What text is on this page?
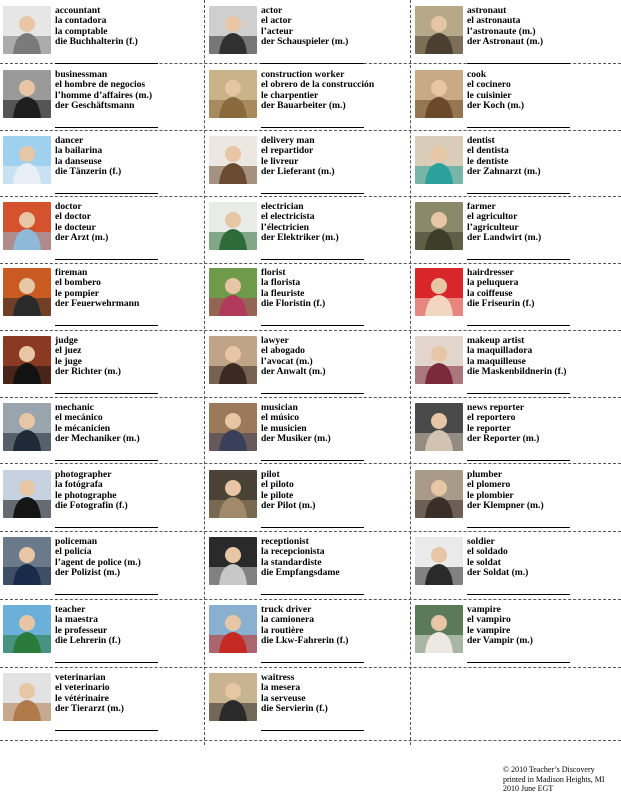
© 2010 Teacher’s Discovery
printed in Madison Heights, MI
2010 June EGT
accountant
la contadora
la comptable
die Buchhalterin (f.)
actor
el actor
l’acteur
der Schauspieler (m.)
astronaut
el astronauta
l’astronaute (m.)
der Astronaut (m.)
businessman
el hombre de negocios
l’homme d’affaires (m.)
der Geschäftsmann
construction worker
el obrero de la construcción
le charpentier
der Bauarbeiter (m.)
cook
el cocinero
le cuisinier
der Koch (m.)
dancer
la bailarina
la danseuse
die Tänzerin (f.)
delivery man
el repartidor
le livreur
der Lieferant (m.)
dentist
el dentista
le dentiste
der Zahnarzt (m.)
doctor
el doctor
le docteur
der Arzt (m.)
electrician
el electricista
l’électricien
der Elektriker (m.)
farmer
el agricultor
l’agriculteur
der Landwirt (m.)
fireman
el bombero
le pompier
der Feuerwehrmann
florist
la florista
la fleuriste
die Floristin (f.)
hairdresser
la peluquera
la coiffeuse
die Friseurin (f.)
judge
el juez
le juge
der Richter (m.)
lawyer
el abogado
l’avocat (m.)
der Anwalt (m.)
makeup artist
la maquilladora
la maquilleuse
die Maskenbildnerin (f.)
mechanic
el mecánico
le mécanicien
der Mechaniker (m.)
musician
el músico
le musicien
der Musiker (m.)
news reporter
el reportero
le reporter
der Reporter (m.)
photographer
la fotógrafa
le photographe
die Fotografin (f.)
pilot
el piloto
le pilote
der Pilot (m.)
plumber
el plomero
le plombier
der Klempner (m.)
policeman
el policía
l’agent de police (m.)
der Polizist (m.)
receptionist
la recepcionista
la standardiste
die Empfangsdame
soldier
el soldado
le soldat
der Soldat (m.)
teacher
la maestra
le professeur
die Lehrerin (f.)
truck driver
la camionera
la routière
die Lkw-Fahrerin (f.)
vampire
el vampiro
le vampire
der Vampir (m.)
veterinarian
el veterinario
le vétérinaire
der Tierarzt (m.)
waitress
la mesera
la serveuse
die Servierin (f.)
